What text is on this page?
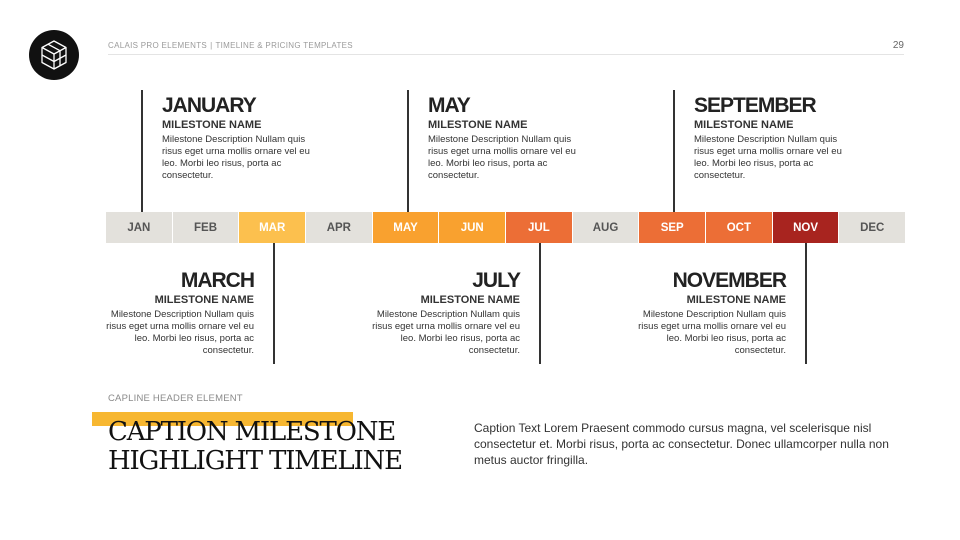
CALAIS PRO ELEMENTS | TIMELINE & PRICING TEMPLATES	29
JAN	FEB	MAR	APR	MAY	JUN	JUL	AUG	SEP	OCT	NOV	DEC
JANUARY
MILESTONE NAME
Milestone Description Nullam quis risus eget urna mollis ornare vel eu leo. Morbi leo risus, porta ac consectetur.
MAY
MILESTONE NAME
Milestone Description Nullam quis risus eget urna mollis ornare vel eu leo. Morbi leo risus, porta ac consectetur.
SEPTEMBER
MILESTONE NAME
Milestone Description Nullam quis risus eget urna mollis ornare vel eu leo. Morbi leo risus, porta ac consectetur.
MARCH
MILESTONE NAME
Milestone Description Nullam quis risus eget urna mollis ornare vel eu leo. Morbi leo risus, porta ac consectetur.
JULY
MILESTONE NAME
Milestone Description Nullam quis risus eget urna mollis ornare vel eu leo. Morbi leo risus, porta ac consectetur.
NOVEMBER
MILESTONE NAME
Milestone Description Nullam quis risus eget urna mollis ornare vel eu leo. Morbi leo risus, porta ac consectetur.
CAPLINE HEADER ELEMENT
CAPTION MILESTONE
HIGHLIGHT TIMELINE
Caption Text Lorem Praesent commodo cursus magna, vel scelerisque nisl consectetur et. Morbi risus, porta ac consectetur. Donec ullamcorper nulla non metus auctor fringilla.
